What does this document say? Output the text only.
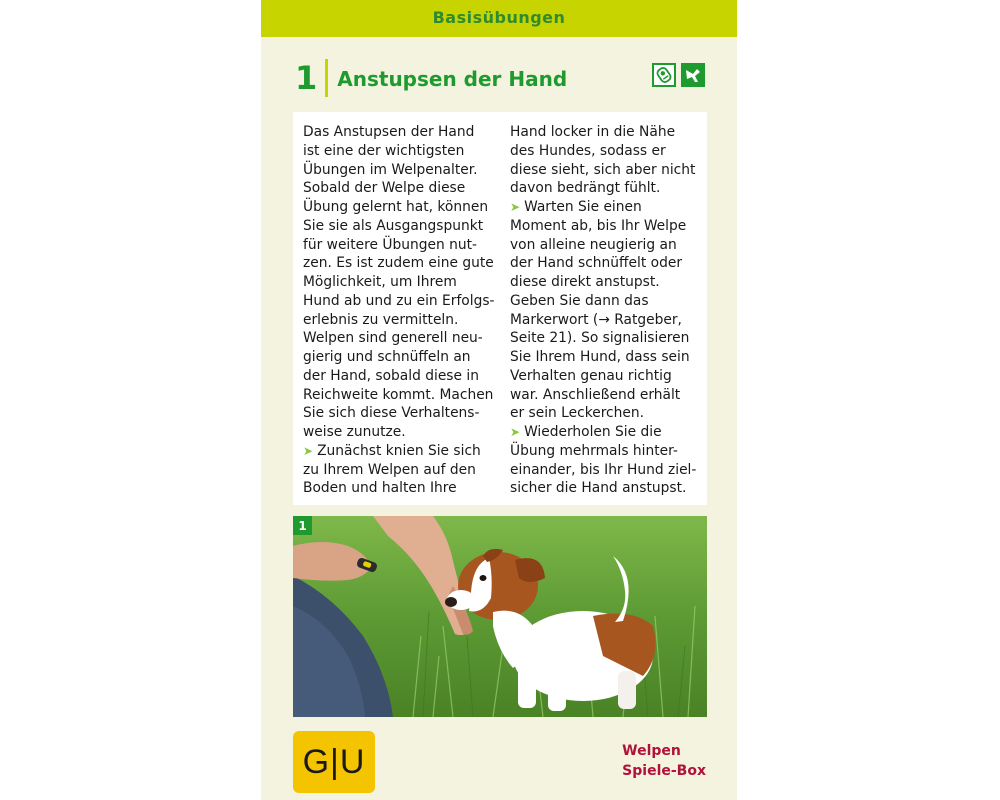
Basisübungen
1	Anstupsen der Hand
Das Anstupsen der Hand
ist eine der wichtigsten
Übungen im Welpenalter.
Sobald der Welpe diese
Übung gelernt hat, können
Sie sie als Ausgangspunkt
für weitere Übungen nut-
zen. Es ist zudem eine gute
Möglichkeit, um Ihrem
Hund ab und zu ein Erfolgs-
erlebnis zu vermitteln.
Welpen sind generell neu-
gierig und schnüffeln an
der Hand, sobald diese in
Reichweite kommt. Machen
Sie sich diese Verhaltens-
weise zunutze.
➤ Zunächst knien Sie sich
zu Ihrem Welpen auf den
Boden und halten Ihre
Hand locker in die Nähe
des Hundes, sodass er
diese sieht, sich aber nicht
davon bedrängt fühlt.
➤ Warten Sie einen
Moment ab, bis Ihr Welpe
von alleine neugierig an
der Hand schnüffelt oder
diese direkt anstupst.
Geben Sie dann das
Markerwort (→ Ratgeber,
Seite 21). So signalisieren
Sie Ihrem Hund, dass sein
Verhalten genau richtig
war. Anschließend erhält
er sein Leckerchen.
➤ Wiederholen Sie die
Übung mehrmals hinter-
einander, bis Ihr Hund ziel-
sicher die Hand anstupst.
1
G|U	Welpen
Spiele-Box
